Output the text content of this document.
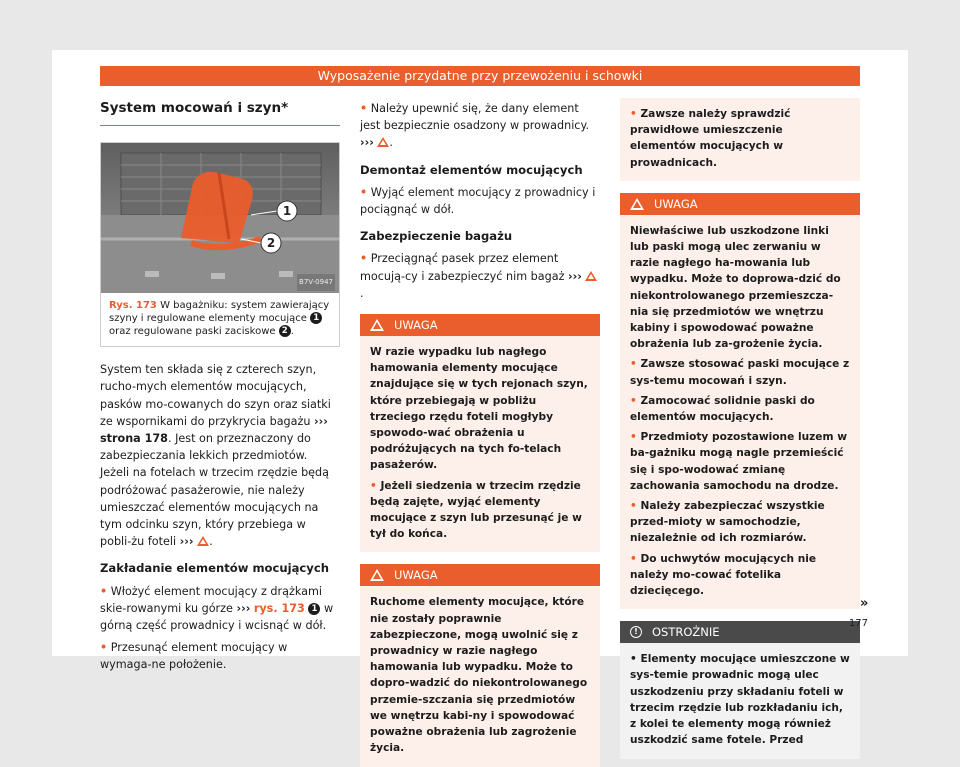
Wyposażenie przydatne przy przewożeniu i schowki
System mocowań i szyn*
1
2
B7V-0947
Rys. 173 W bagażniku: system zawierający szyny i regulowane elementy mocujące 1 oraz regulowane paski zaciskowe 2 .

System ten składa się z czterech szyn, rucho-mych elementów mocujących, pasków mo-cowanych do szyn oraz siatki ze wspornikami do przykrycia bagażu ››› strona 178. Jest on przeznaczony do zabezpieczania lekkich przedmiotów. Jeżeli na fotelach w trzecim rzędzie będą podróżować pasażerowie, nie należy umieszczać elementów mocujących na tym odcinku szyn, który przebiega w pobli-żu foteli ››› .

Zakładanie elementów mocujących

• Włożyć element mocujący z drążkami skie-rowanymi ku górze ››› rys. 173 1 w górną część prowadnicy i wcisnąć w dół.

• Przesunąć element mocujący w wymaga-ne położenie.

• Należy upewnić się, że dany element jest bezpiecznie osadzony w prowadnicy. ››› .

Demontaż elementów mocujących

• Wyjąć element mocujący z prowadnicy i pociągnąć w dół.

Zabezpieczenie bagażu

• Przeciągnąć pasek przez element mocują-cy i zabezpieczyć nim bagaż ››› .

UWAGA

W razie wypadku lub nagłego hamowania elementy mocujące znajdujące się w tych rejonach szyn, które przebiegają w pobliżu trzeciego rzędu foteli mogłyby spowodo-wać obrażenia u podróżujących na tych fo-telach pasażerów.

• Jeżeli siedzenia w trzecim rzędzie będą zajęte, wyjąć elementy mocujące z szyn lub przesunąć je w tył do końca.

UWAGA

Ruchome elementy mocujące, które nie zostały poprawnie zabezpieczone, mogą uwolnić się z prowadnicy w razie nagłego hamowania lub wypadku. Może to dopro-wadzić do niekontrolowanego przemie-szczania się przedmiotów we wnętrzu kabi-ny i spowodować poważne obrażenia lub zagrożenie życia.

• Zawsze należy sprawdzić prawidłowe umieszczenie elementów mocujących w prowadnicach.

UWAGA

Niewłaściwe lub uszkodzone linki lub paski mogą ulec zerwaniu w razie nagłego ha-mowania lub wypadku. Może to doprowa-dzić do niekontrolowanego przemieszcza-nia się przedmiotów we wnętrzu kabiny i spowodować poważne obrażenia lub za-grożenie życia.

• Zawsze stosować paski mocujące z sys-temu mocowań i szyn.

• Zamocować solidnie paski do elementów mocujących.

• Przedmioty pozostawione luzem w ba-gażniku mogą nagle przemieścić się i spo-wodować zmianę zachowania samochodu na drodze.

• Należy zabezpieczać wszystkie przed-mioty w samochodzie, niezależnie od ich rozmiarów.

• Do uchwytów mocujących nie należy mo-cować fotelika dziecięcego.

!	OSTROŻNIE

• Elementy mocujące umieszczone w sys-temie prowadnic mogą ulec uszkodzeniu przy składaniu foteli w trzecim rzędzie lub rozkładaniu ich, z kolei te elementy mogą również uszkodzić same fotele. Przed

»
177
